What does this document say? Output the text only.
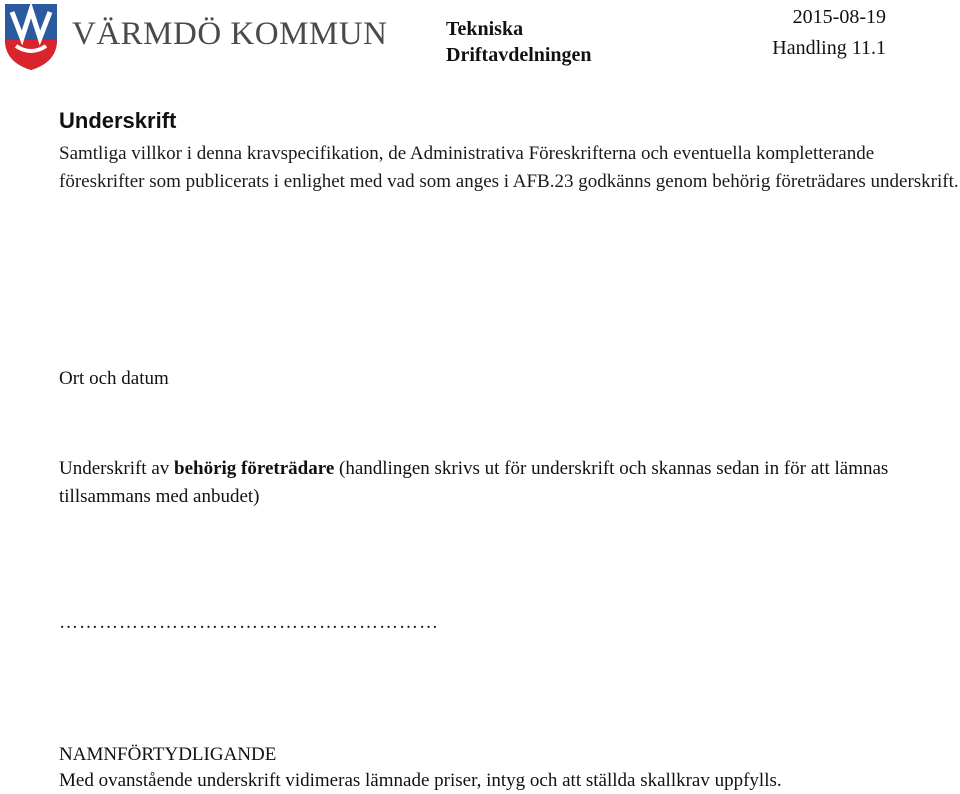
VÄRMDÖ KOMMUN	Tekniska
Driftavdelningen
2015-08-19
Handling 11.1
Underskrift
Samtliga villkor i denna kravspecifikation, de Administrativa Föreskrifterna och eventuella kompletterande föreskrifter som publicerats i enlighet med vad som anges i AFB.23 godkänns genom behörig företrädares underskrift.
Ort och datum
Underskrift av behörig företrädare (handlingen skrivs ut för underskrift och skannas sedan in för att lämnas tillsammans med anbudet)
…………………………………………………
NAMNFÖRTYDLIGANDE
Med ovanstående underskrift vidimeras lämnade priser, intyg och att ställda skallkrav uppfylls.
